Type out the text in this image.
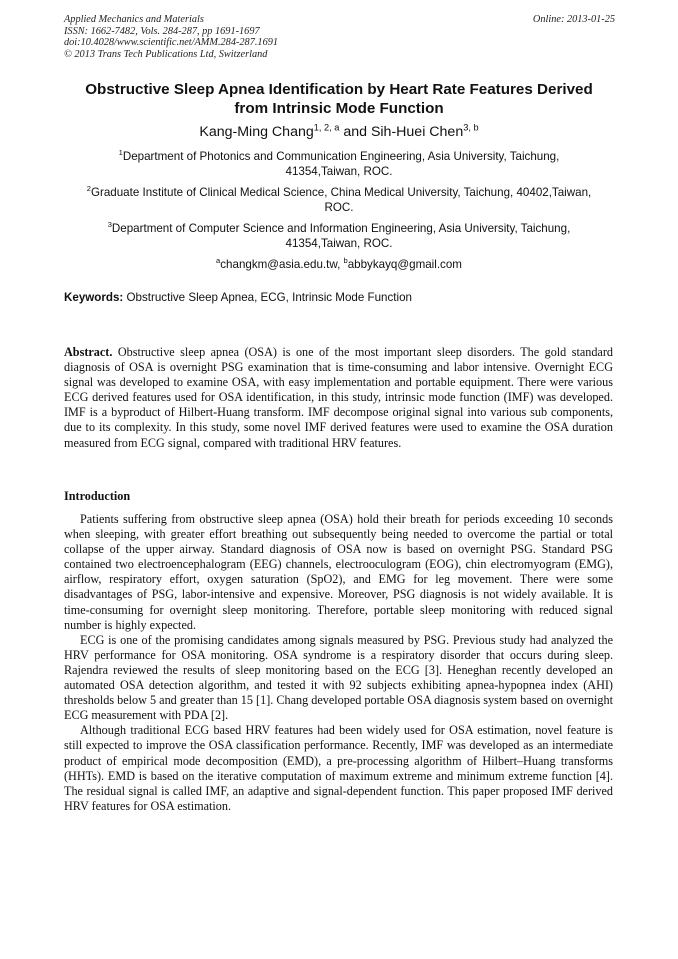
Applied Mechanics and Materials	Online: 2013-01-25
ISSN: 1662-7482, Vols. 284-287, pp 1691-1697
doi:10.4028/www.scientific.net/AMM.284-287.1691
© 2013 Trans Tech Publications Ltd, Switzerland
Obstructive Sleep Apnea Identification by Heart Rate Features Derived
from Intrinsic Mode Function
Kang-Ming Chang$^{1, 2, a}$ and Sih-Huei Chen$^{3, b}$
$^1$Department of Photonics and Communication Engineering, Asia University, Taichung,
41354,Taiwan, ROC.
$^2$Graduate Institute of Clinical Medical Science, China Medical University, Taichung, 40402,Taiwan,
ROC.
$^3$Department of Computer Science and Information Engineering, Asia University, Taichung,
41354,Taiwan, ROC.
$^a$changkm@asia.edu.tw, $^b$abbykayq@gmail.com
Keywords: Obstructive Sleep Apnea, ECG, Intrinsic Mode Function

Abstract. Obstructive sleep apnea (OSA) is one of the most important sleep disorders. The gold standard diagnosis of OSA is overnight PSG examination that is time-consuming and labor intensive. Overnight ECG signal was developed to examine OSA, with easy implementation and portable equipment. There were various ECG derived features used for OSA identification, in this study, intrinsic mode function (IMF) was developed. IMF is a byproduct of Hilbert-Huang transform. IMF decompose original signal into various sub components, due to its complexity. In this study, some novel IMF derived features were used to examine the OSA duration measured from ECG signal, compared with traditional HRV features.

Introduction

Patients suffering from obstructive sleep apnea (OSA) hold their breath for periods exceeding 10 seconds when sleeping, with greater effort breathing out subsequently being needed to overcome the partial or total collapse of the upper airway. Standard diagnosis of OSA now is based on overnight PSG. Standard PSG contained two electroencephalogram (EEG) channels, electrooculogram (EOG), chin electromyogram (EMG), airflow, respiratory effort, oxygen saturation (SpO2), and EMG for leg movement. There were some disadvantages of PSG, labor-intensive and expensive. Moreover, PSG diagnosis is not widely available. It is time-consuming for overnight sleep monitoring. Therefore, portable sleep monitoring with reduced signal number is highly expected.

ECG is one of the promising candidates among signals measured by PSG. Previous study had analyzed the HRV performance for OSA monitoring. OSA syndrome is a respiratory disorder that occurs during sleep. Rajendra reviewed the results of sleep monitoring based on the ECG [3]. Heneghan recently developed an automated OSA detection algorithm, and tested it with 92 subjects exhibiting apnea-hypopnea index (AHI) thresholds below 5 and greater than 15 [1]. Chang developed portable OSA diagnosis system based on overnight ECG measurement with PDA [2].

Although traditional ECG based HRV features had been widely used for OSA estimation, novel feature is still expected to improve the OSA classification performance. Recently, IMF was developed as an intermediate product of empirical mode decomposition (EMD), a pre-processing algorithm of Hilbert–Huang transforms (HHTs). EMD is based on the iterative computation of maximum extreme and minimum extreme function [4]. The residual signal is called IMF, an adaptive and signal-dependent function. This paper proposed IMF derived HRV features for OSA estimation.
